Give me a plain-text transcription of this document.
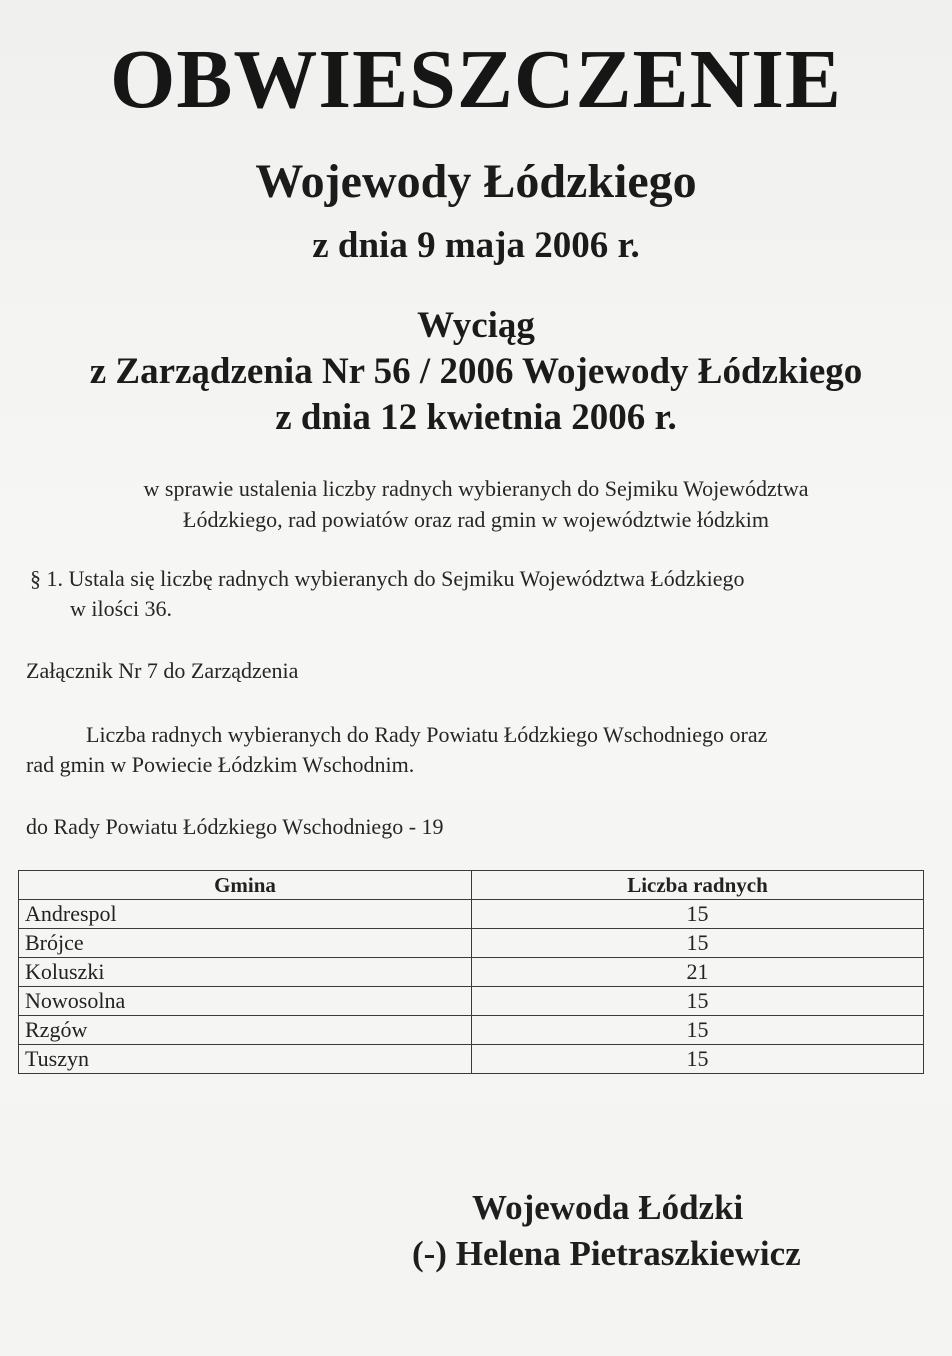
OBWIESZCZENIE
Wojewody Łódzkiego
z dnia 9 maja 2006 r.
Wyciąg
z Zarządzenia Nr 56 / 2006 Wojewody Łódzkiego
z dnia 12 kwietnia 2006 r.
w sprawie ustalenia liczby radnych wybieranych do Sejmiku Województwa
Łódzkiego, rad powiatów oraz rad gmin w województwie łódzkim
§ 1. Ustala się liczbę radnych wybieranych do Sejmiku Województwa Łódzkiego
w ilości 36.
Załącznik Nr 7 do Zarządzenia
Liczba radnych wybieranych do Rady Powiatu Łódzkiego Wschodniego oraz
rad gmin w Powiecie Łódzkim Wschodnim.
do Rady Powiatu Łódzkiego Wschodniego - 19
Gmina	Liczba radnych
Andrespol	15
Brójce	15
Koluszki	21
Nowosolna	15
Rzgów	15
Tuszyn	15
Wojewoda Łódzki
(-) Helena Pietraszkiewicz
